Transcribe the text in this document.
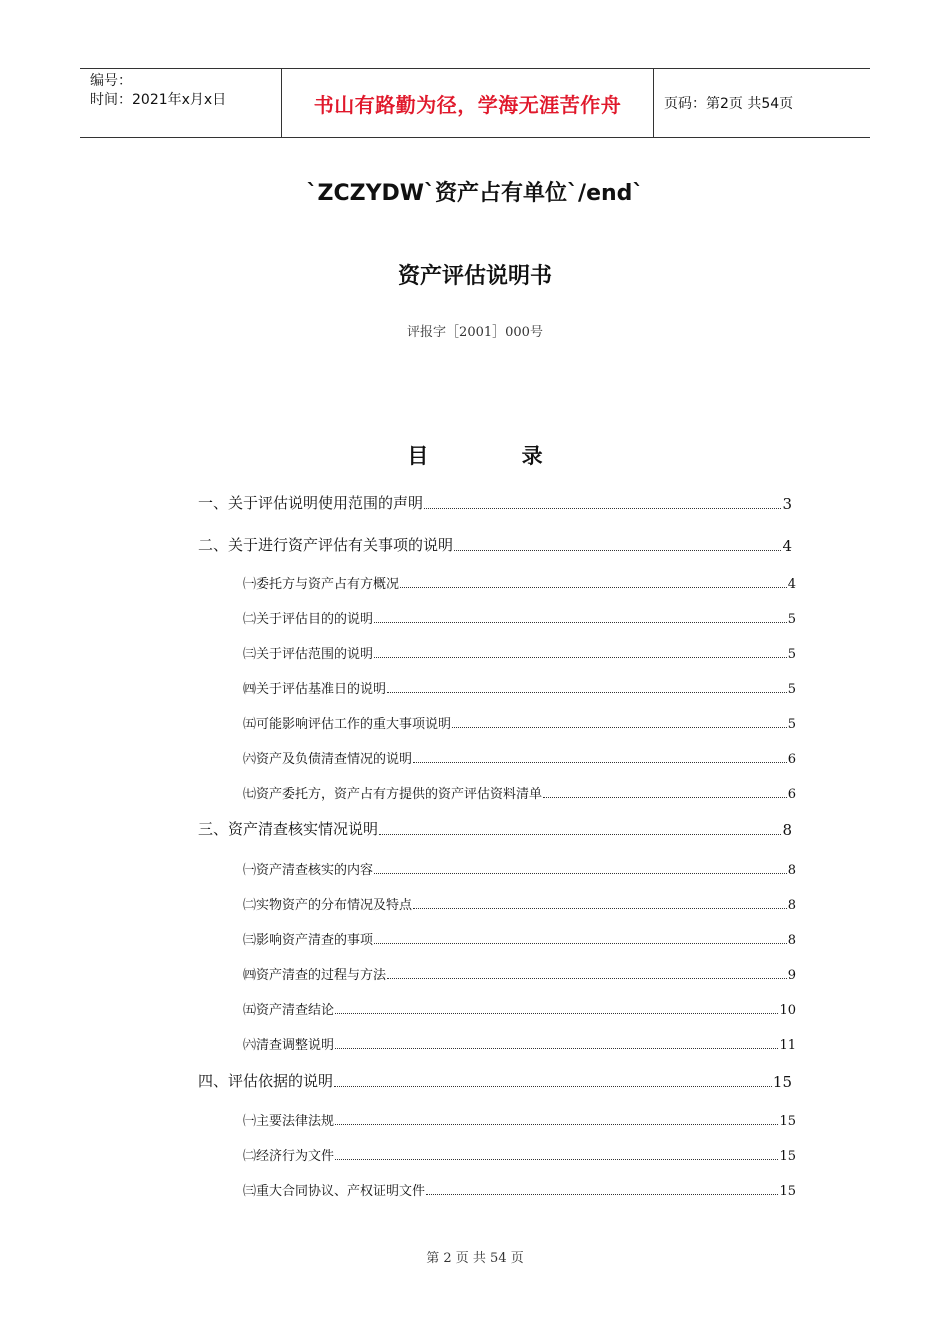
编号：
时间：2021年x月x日	书山有路勤为径，学海无涯苦作舟	页码：第2页 共54页
`ZCZYDW`资产占有单位`/end`
资产评估说明书
评报字［2001］000号
目 录
一、关于评估说明使用范围的声明	3
二、关于进行资产评估有关事项的说明	4
㈠委托方与资产占有方概况	4
㈡关于评估目的的说明	5
㈢关于评估范围的说明	5
㈣关于评估基准日的说明	5
㈤可能影响评估工作的重大事项说明	5
㈥资产及负债清查情况的说明	6
㈦资产委托方，资产占有方提供的资产评估资料清单	6
三、资产清查核实情况说明	8
㈠资产清查核实的内容	8
㈡实物资产的分布情况及特点	8
㈢影响资产清查的事项	8
㈣资产清查的过程与方法	9
㈤资产清查结论	10
㈥清查调整说明	11
四、评估依据的说明	15
㈠主要法律法规	15
㈡经济行为文件	15
㈢重大合同协议、产权证明文件	15
第 2 页 共 54 页
